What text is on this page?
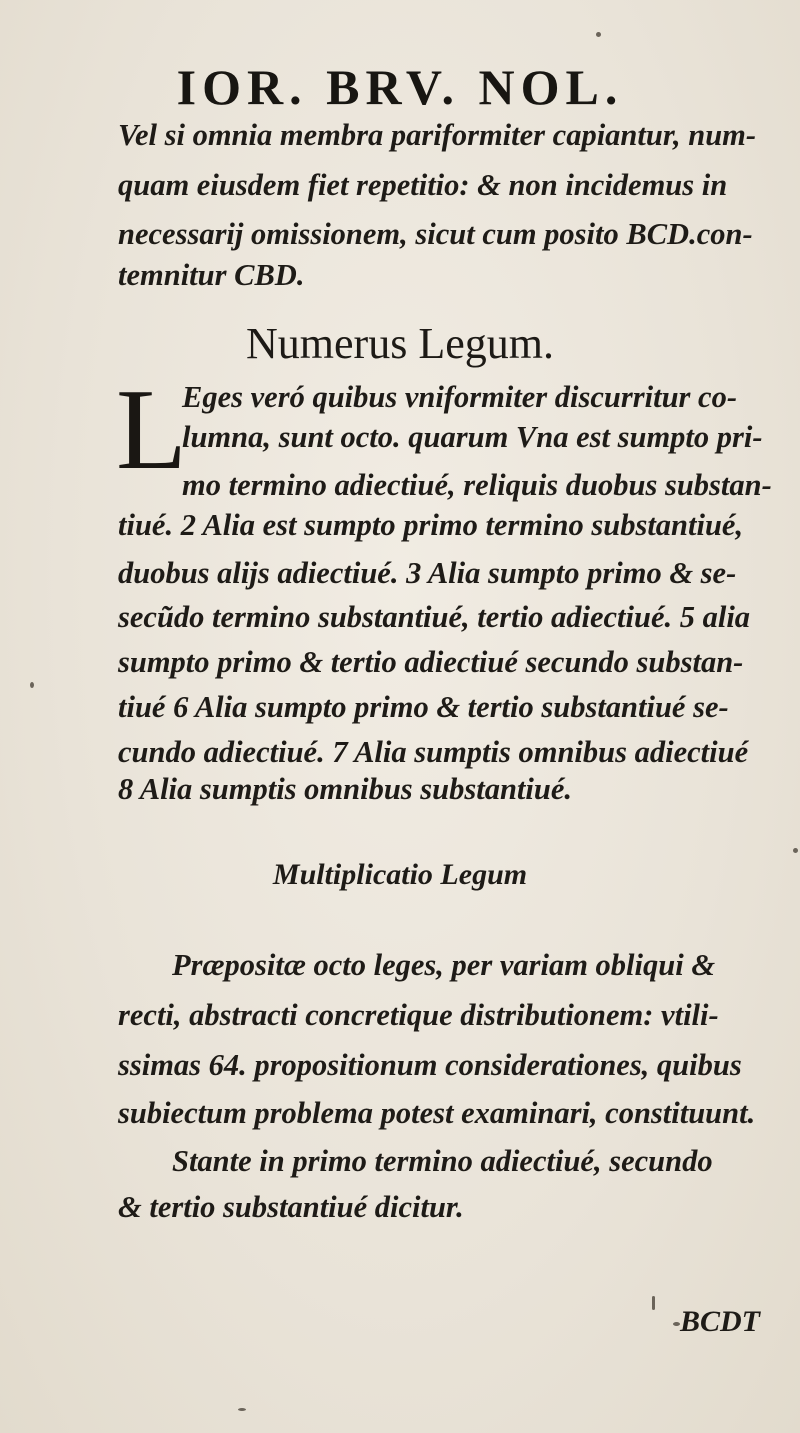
IOR. BRV. NOL.
Vel si omnia membra pariformiter capiantur, num-
quam eiusdem fiet repetitio: & non incidemus in
necessarij omissionem, sicut cum posito BCD.con-
temnitur CBD.
Numerus Legum.
L
Eges veró quibus vniformiter discurritur co-
lumna, sunt octo. quarum Vna est sumpto pri-
mo termino adiectiué, reliquis duobus substan-
tiué. 2 Alia est sumpto primo termino substantiué,
duobus alijs adiectiué. 3 Alia sumpto primo & se-
secũdo termino substantiué, tertio adiectiué. 5 alia
sumpto primo & tertio adiectiué secundo substan-
tiué 6 Alia sumpto primo & tertio substantiué se-
cundo adiectiué. 7 Alia sumptis omnibus adiectiué
8 Alia sumptis omnibus substantiué.
Multiplicatio Legum
Præpositæ octo leges, per variam obliqui &
recti, abstracti concretique distributionem: vtili-
ssimas 64. propositionum considerationes, quibus
subiectum problema potest examinari, constituunt.
Stante in primo termino adiectiué, secundo
& tertio substantiué dicitur.
BCDT
